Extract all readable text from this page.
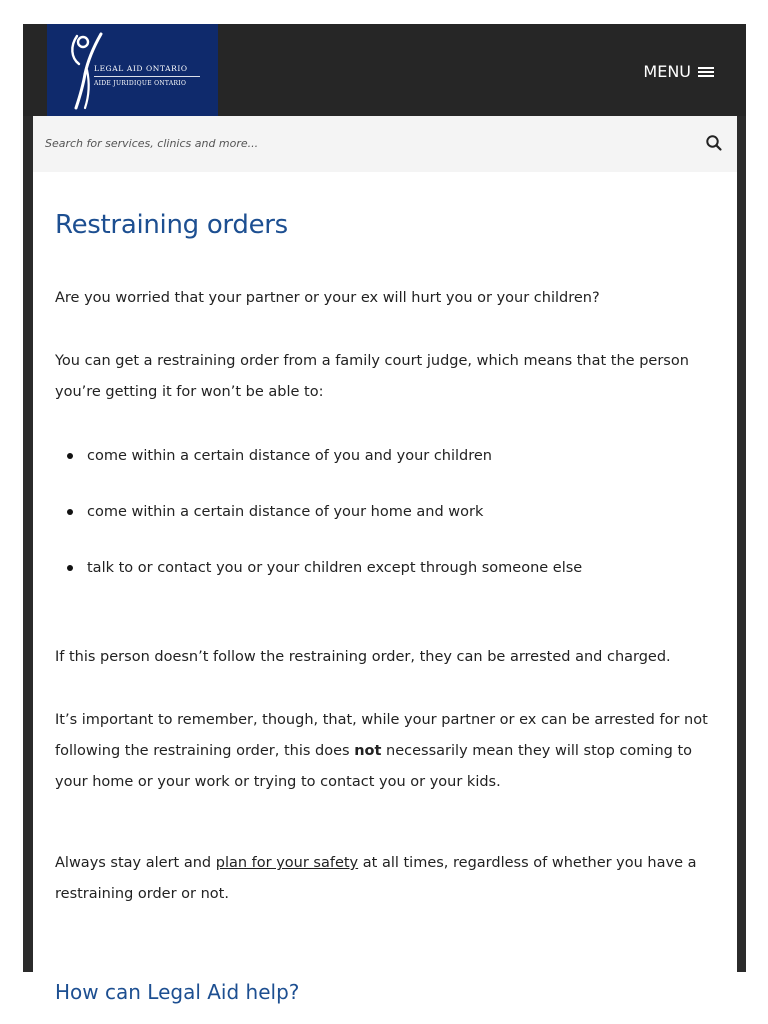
LEGAL AID ONTARIO
AIDE JURIDIQUE ONTARIO
MENU
Search for services, clinics and more...
Restraining orders

Are you worried that your partner or your ex will hurt you or your children?

You can get a restraining order from a family court judge, which means that the person you’re getting it for won’t be able to:

come within a certain distance of you and your children
come within a certain distance of your home and work
talk to or contact you or your children except through someone else

If this person doesn’t follow the restraining order, they can be arrested and charged.

It’s important to remember, though, that, while your partner or ex can be arrested for not following the restraining order, this does not necessarily mean they will stop coming to your home or your work or trying to contact you or your kids.

Always stay alert and plan for your safety at all times, regardless of whether you have a restraining order or not.

How can Legal Aid help?
